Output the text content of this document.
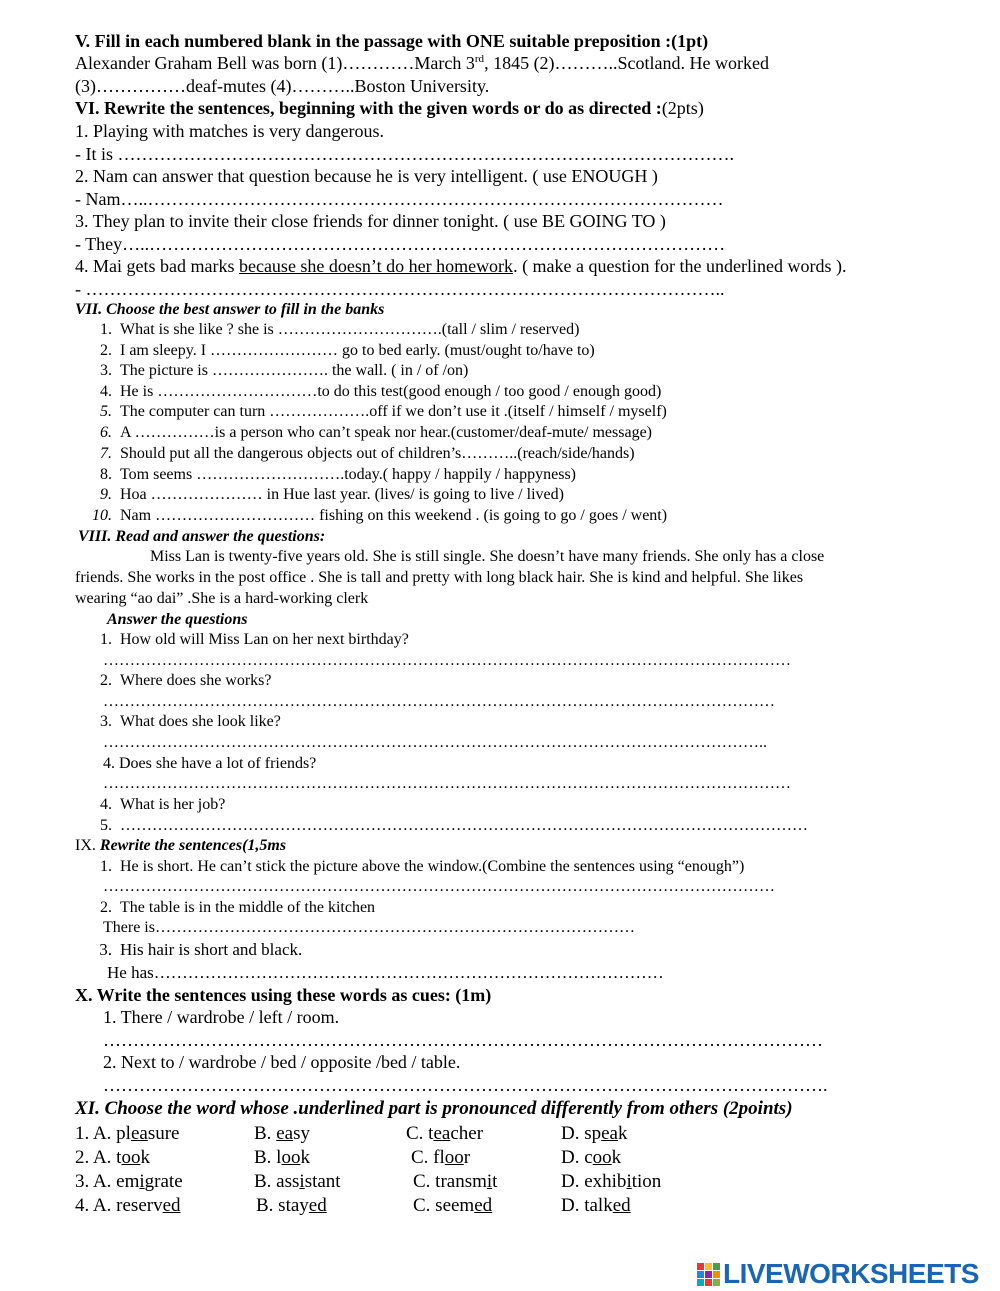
V. Fill in each numbered blank in the passage with ONE suitable preposition :(1pt)
Alexander Graham Bell was born (1)…………March 3rd, 1845 (2)………..Scotland. He worked
(3)……………deaf-mutes (4)………..Boston University.
VI. Rewrite the sentences, beginning with the given words or do as directed :(2pts)
1. Playing with matches is very dangerous.
- It is ………………………………………………………………………………………….
2. Nam can answer that question because he is very intelligent. ( use ENOUGH )
- Nam…..……………………………………………………………………………………
3. They plan to invite their close friends for dinner tonight. ( use BE GOING TO )
- They…..……………………………………………………………………………………
4. Mai gets bad marks because she doesn’t do her homework. ( make a question for the underlined words ).
- ……………………………………………………………………………………………..
VII. Choose the best answer to fill in the banks
1. What is she like ? she is ………………………….(tall / slim / reserved)
2. I am sleepy. I …………………… go to bed early. (must/ought to/have to)
3. The picture is …………………. the wall. ( in / of /on)
4. He is …………………………to do this test(good enough / too good / enough good)
5. The computer can turn ……………….off if we don’t use it .(itself / himself / myself)
6. A ……………is a person who can’t speak nor hear.(customer/deaf-mute/ message)
7. Should put all the dangerous objects out of children’s………..(reach/side/hands)
8. Tom seems ……………………….today.( happy / happily / happyness)
9. Hoa ………………… in Hue last year. (lives/ is going to live / lived)
10. Nam ………………………… fishing on this weekend . (is going to go / goes / went)
VIII. Read and answer the questions:
Miss Lan is twenty-five years old. She is still single. She doesn’t have many friends. She only has a close
friends. She works in the post office . She is tall and pretty with long black hair. She is kind and helpful. She likes
wearing “ao dai” .She is a hard-working clerk
Answer the questions
1. How old will Miss Lan on her next birthday?
…………………………………………………………………………………………………………………
2. Where does she works?
………………………………………………………………………………………………………………
3. What does she look like?
……………………………………………………………………………………………………………..
4. Does she have a lot of friends?
…………………………………………………………………………………………………………………
4. What is her job?
5. …………………………………………………………………………………………………………………
IX. Rewrite the sentences(1,5ms
1. He is short. He can’t stick the picture above the window.(Combine the sentences using “enough”)
………………………………………………………………………………………………………………
2. The table is in the middle of the kitchen
There is………………………………………………………………………………
3. His hair is short and black.
He has………………………………………………………………………………
X. Write the sentences using these words as cues: (1m)
1. There / wardrobe / left / room.
…………………………………………………………………………………………………………
2. Next to / wardrobe / bed / opposite /bed / table.
………………………………………………………………………………………………………….
XI. Choose the word whose .underlined part is pronounced differently from others (2points)
1. A. pleasure	B. easy	C. teacher	D. speak
2. A. took	B. look	C. floor	D. cook
3. A. emigrate	B. assistant	C. transmit	D. exhibition
4. A. reserved	B. stayed	C. seemed	D. talked
LIVEWORKSHEETS
